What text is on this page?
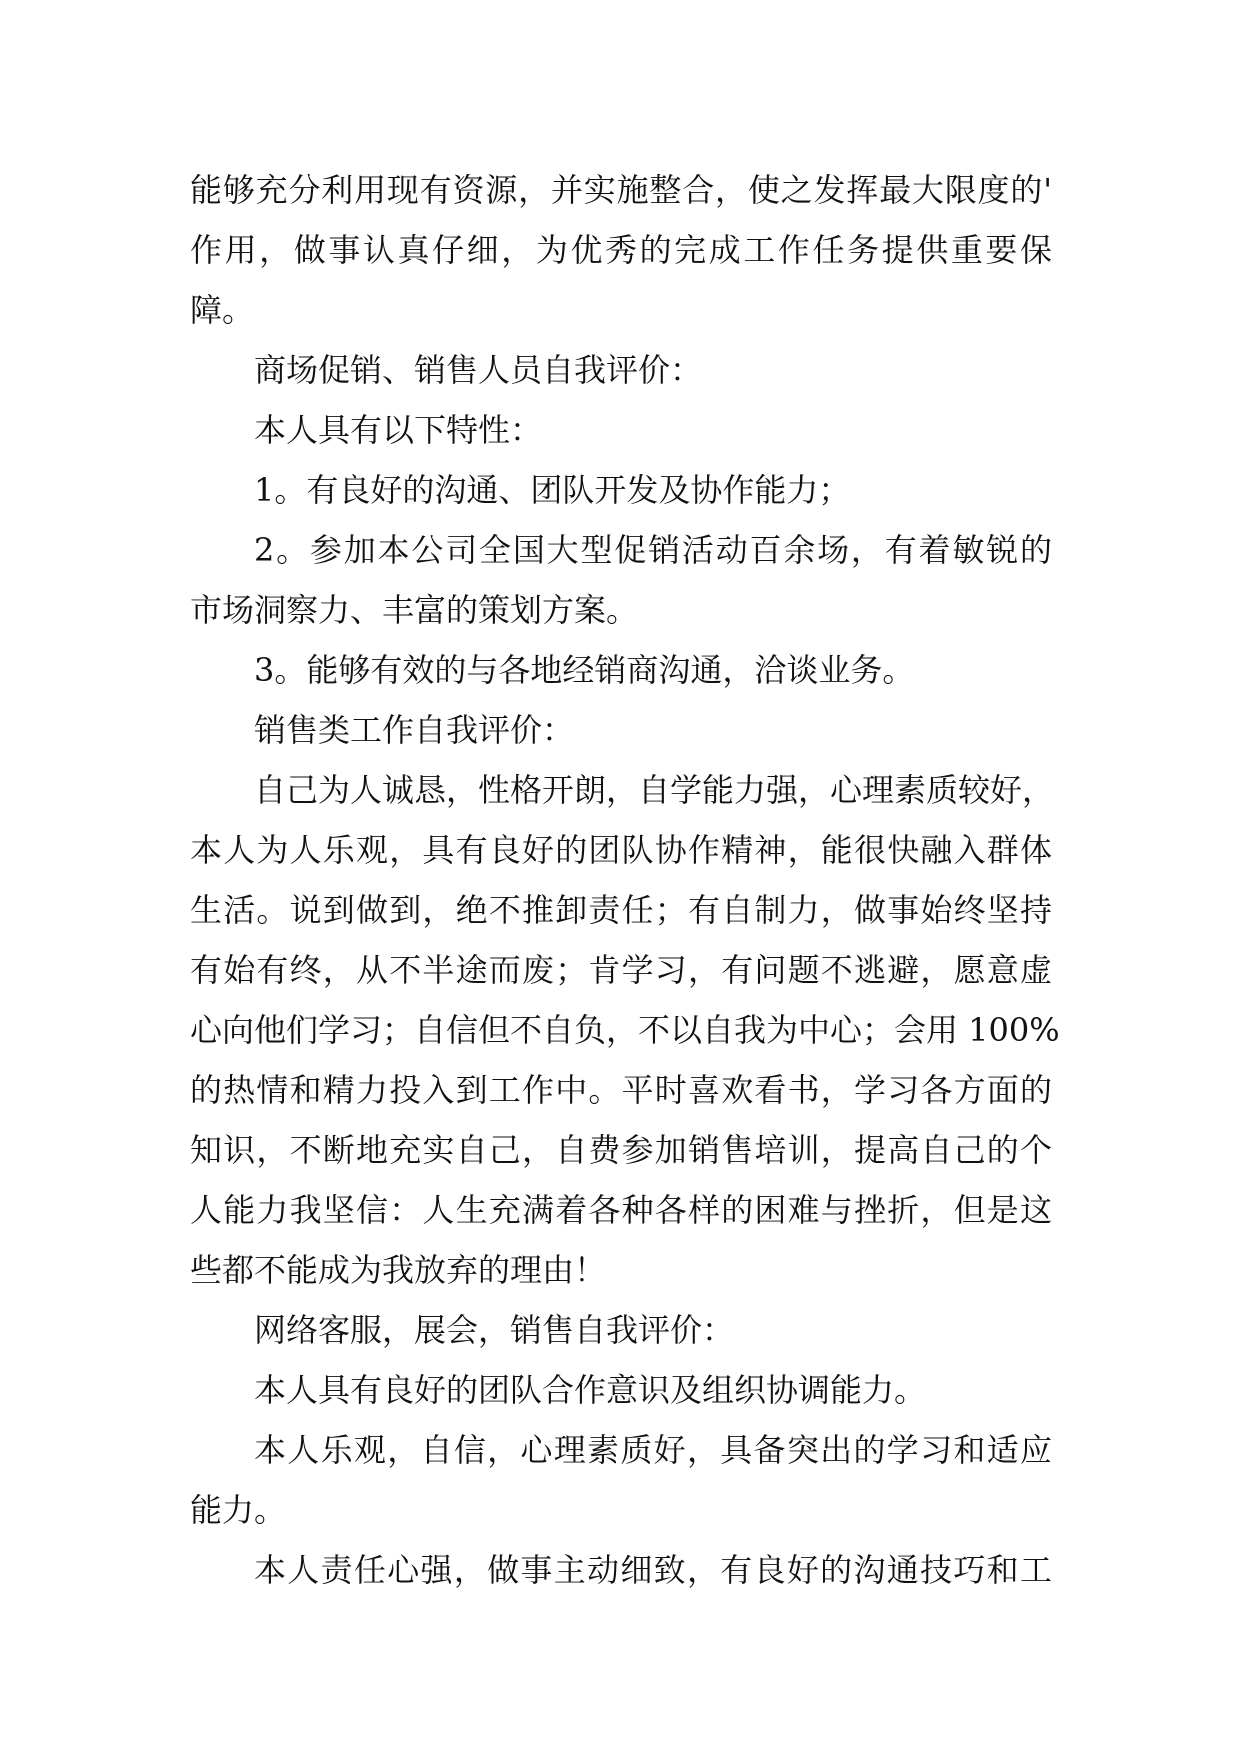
能够充分利用现有资源，并实施整合，使之发挥最大限度的'
作用，做事认真仔细，为优秀的完成工作任务提供重要保
障。
商场促销、销售人员自我评价：
本人具有以下特性：
1。有良好的沟通、团队开发及协作能力；
2。参加本公司全国大型促销活动百余场，有着敏锐的
市场洞察力、丰富的策划方案。
3。能够有效的与各地经销商沟通，洽谈业务。
销售类工作自我评价：
自己为人诚恳，性格开朗，自学能力强，心理素质较好，
本人为人乐观，具有良好的团队协作精神，能很快融入群体
生活。说到做到，绝不推卸责任；有自制力，做事始终坚持
有始有终，从不半途而废；肯学习，有问题不逃避，愿意虚
心向他们学习；自信但不自负，不以自我为中心；会用 100%
的热情和精力投入到工作中。平时喜欢看书，学习各方面的
知识，不断地充实自己，自费参加销售培训，提高自己的个
人能力我坚信：人生充满着各种各样的困难与挫折，但是这
些都不能成为我放弃的理由！
网络客服，展会，销售自我评价：
本人具有良好的团队合作意识及组织协调能力。
本人乐观，自信，心理素质好，具备突出的学习和适应
能力。
本人责任心强，做事主动细致，有良好的沟通技巧和工
